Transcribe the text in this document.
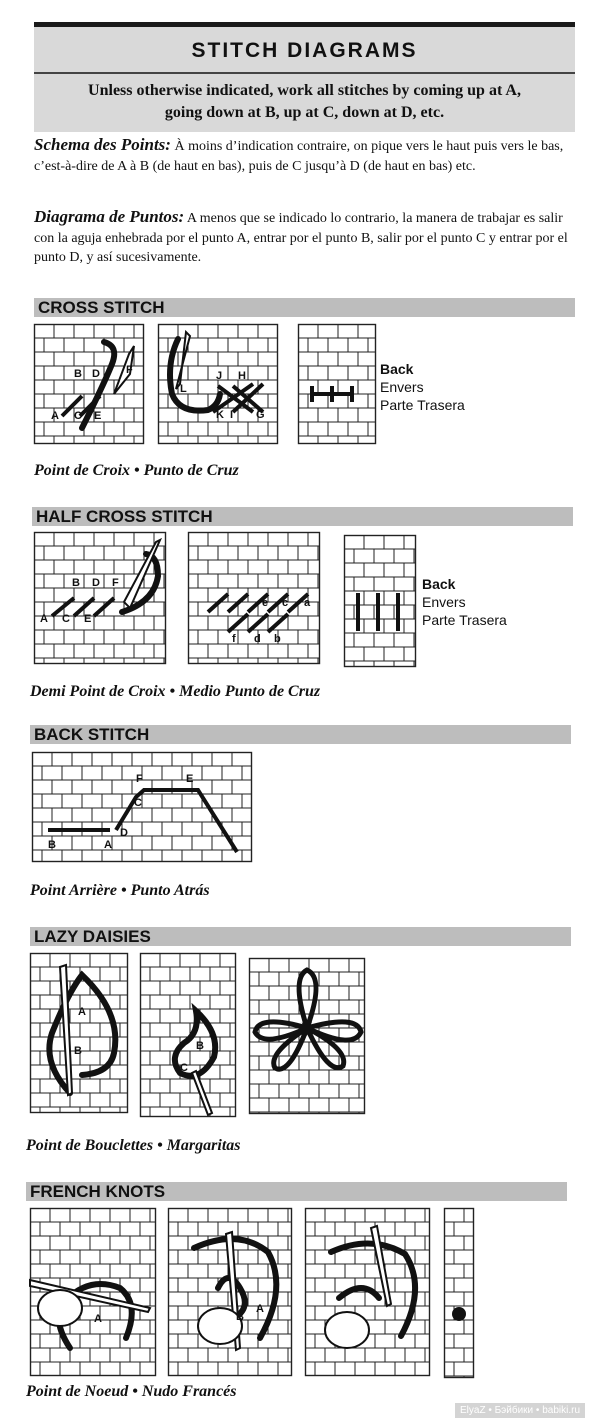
STITCH DIAGRAMS
Unless otherwise indicated, work all stitches by coming up at A,
going down at B, up at C, down at D, etc.
Schema des Points: À moins d’indication contraire, on pique vers le haut puis vers le bas, c’est-à-dire de A à B (de haut en bas), puis de C jusqu’à D (de haut en bas) etc.
Diagrama de Puntos: A menos que se indicado lo contrario, la manera de trabajar es salir con la aguja enhebrada por el punto A, entrar por el punto B, salir por el punto C y entrar por el punto D, y así sucesivamente.
CROSS STITCH
B D F
A C E
J H
L
K I G
Back
Envers
Parte Trasera
Point de Croix • Punto de Cruz
HALF CROSS STITCH
B D F
A C E
e c a
f d b
Back
Envers
Parte Trasera
Demi Point de Croix • Medio Punto de Cruz
BACK STITCH
F	E
C
D
B	A
Point Arrière • Punto Atrás
LAZY DAISIES
A
B	B
C
Point de Bouclettes • Margaritas
FRENCH KNOTS
A	B
A
Point de Noeud • Nudo Francés
ElyaZ • Бэйбики • babiki.ru
